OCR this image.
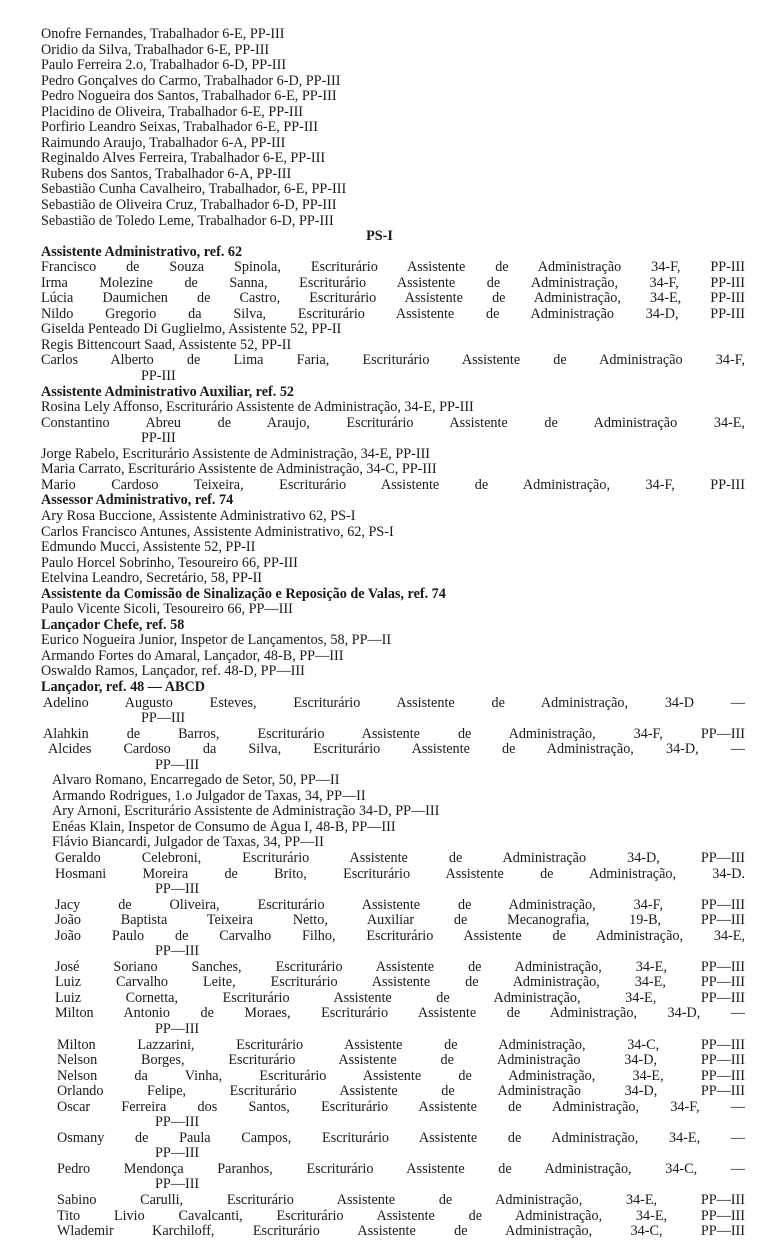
Onofre Fernandes, Trabalhador 6-E, PP-III
Oridio da Silva, Trabalhador 6-E, PP-III
Paulo Ferreira 2.o, Trabalhador 6-D, PP-III
Pedro Gonçalves do Carmo, Trabalhador 6-D, PP-III
Pedro Nogueira dos Santos, Trabalhador 6-E, PP-III
Placidino de Oliveira, Trabalhador 6-E, PP-III
Porfirio Leandro Seixas, Trabalhador 6-E, PP-III
Raimundo Araujo, Trabalhador 6-A, PP-III
Reginaldo Alves Ferreira, Trabalhador 6-E, PP-III
Rubens dos Santos, Trabalhador 6-A, PP-III
Sebastião Cunha Cavalheiro, Trabalhador, 6-E, PP-III
Sebastião de Oliveira Cruz, Trabalhador 6-D, PP-III
Sebastião de Toledo Leme, Trabalhador 6-D, PP-III
PS-I
Assistente Administrativo, ref. 62
Francisco de Souza Spinola, Escriturário Assistente de Administração 34-F, PP-III
Irma Molezine de Sanna, Escriturário Assistente de Administração, 34-F, PP-III
Lúcia Daumichen de Castro, Escriturário Assistente de Administração, 34-E, PP-III
Nildo Gregorio da Silva, Escriturário Assistente de Administração 34-D, PP-III
Giselda Penteado Di Guglielmo, Assistente 52, PP-II
Regis Bittencourt Saad, Assistente 52, PP-II
Carlos Alberto de Lima Faria, Escriturário Assistente de Administração 34-F,
PP-III
Assistente Administrativo Auxiliar, ref. 52
Rosina Lely Affonso, Escriturário Assistente de Administração, 34-E, PP-III
Constantino Abreu de Araujo, Escriturário Assistente de Administração 34-E,
PP-III
Jorge Rabelo, Escriturário Assistente de Administração, 34-E, PP-III
Maria Carrato, Escriturário Assistente de Administração, 34-C, PP-III
Mario Cardoso Teixeira, Escriturário Assistente de Administração, 34-F, PP-III
Assessor Administrativo, ref. 74
Ary Rosa Buccione, Assistente Administrativo 62, PS-I
Carlos Francisco Antunes, Assistente Administrativo, 62, PS-I
Edmundo Mucci, Assistente 52, PP-II
Paulo Horcel Sobrinho, Tesoureiro 66, PP-III
Etelvina Leandro, Secretário, 58, PP-II
Assistente da Comissão de Sinalização e Reposição de Valas, ref. 74
Paulo Vicente Sicoli, Tesoureiro 66, PP—III
Lançador Chefe, ref. 58
Eurico Nogueira Junior, Inspetor de Lançamentos, 58, PP—II
Armando Fortes do Amaral, Lançador, 48-B, PP—III
Oswaldo Ramos, Lançador, ref. 48-D, PP—III
Lançador, ref. 48 — ABCD
Adelino Augusto Esteves, Escriturário Assistente de Administração, 34-D —
PP—III
Alahkin de Barros, Escriturário Assistente de Administração, 34-F, PP—III
Alcides Cardoso da Silva, Escriturário Assistente de Administração, 34-D, —
PP—III
Alvaro Romano, Encarregado de Setor, 50, PP—II
Armando Rodrigues, 1.o Julgador de Taxas, 34, PP—II
Ary Arnoni, Escriturário Assistente de Administração 34-D, PP—III
Enéas Klain, Inspetor de Consumo de Água I, 48-B, PP—III
Flávio Biancardi, Julgador de Taxas, 34, PP—II
Geraldo Celebroni, Escriturário Assistente de Administração 34-D, PP—III
Hosmani Moreira de Brito, Escriturário Assistente de Administração, 34-D.
PP—III
Jacy de Oliveira, Escriturário Assistente de Administração, 34-F, PP—III
João Baptista Teixeira Netto, Auxiliar de Mecanografia, 19-B, PP—III
João Paulo de Carvalho Filho, Escriturário Assistente de Administração, 34-E,
PP—III
José Soriano Sanches, Escriturário Assistente de Administração, 34-E, PP—III
Luiz Carvalho Leite, Escriturário Assistente de Administração, 34-E, PP—III
Luiz Cornetta, Escriturário Assistente de Administração, 34-E, PP—III
Milton Antonio de Moraes, Escriturário Assistente de Administração, 34-D, —
PP—III
Milton Lazzarini, Escriturário Assistente de Administração, 34-C, PP—III
Nelson Borges, Escriturário Assistente de Administração 34-D, PP—III
Nelson da Vinha, Escriturário Assistente de Administração, 34-E, PP—III
Orlando Felipe, Escriturário Assistente de Administração 34-D, PP—III
Oscar Ferreira dos Santos, Escriturário Assistente de Administração, 34-F, —
PP—III
Osmany de Paula Campos, Escriturário Assistente de Administração, 34-E, —
PP—III
Pedro Mendonça Paranhos, Escriturário Assistente de Administração, 34-C, —
PP—III
Sabino Carulli, Escriturário Assistente de Administração, 34-E, PP—III
Tito Livio Cavalcanti, Escriturário Assistente de Administração, 34-E, PP—III
Wlademir Karchiloff, Escriturário Assistente de Administração, 34-C, PP—III
